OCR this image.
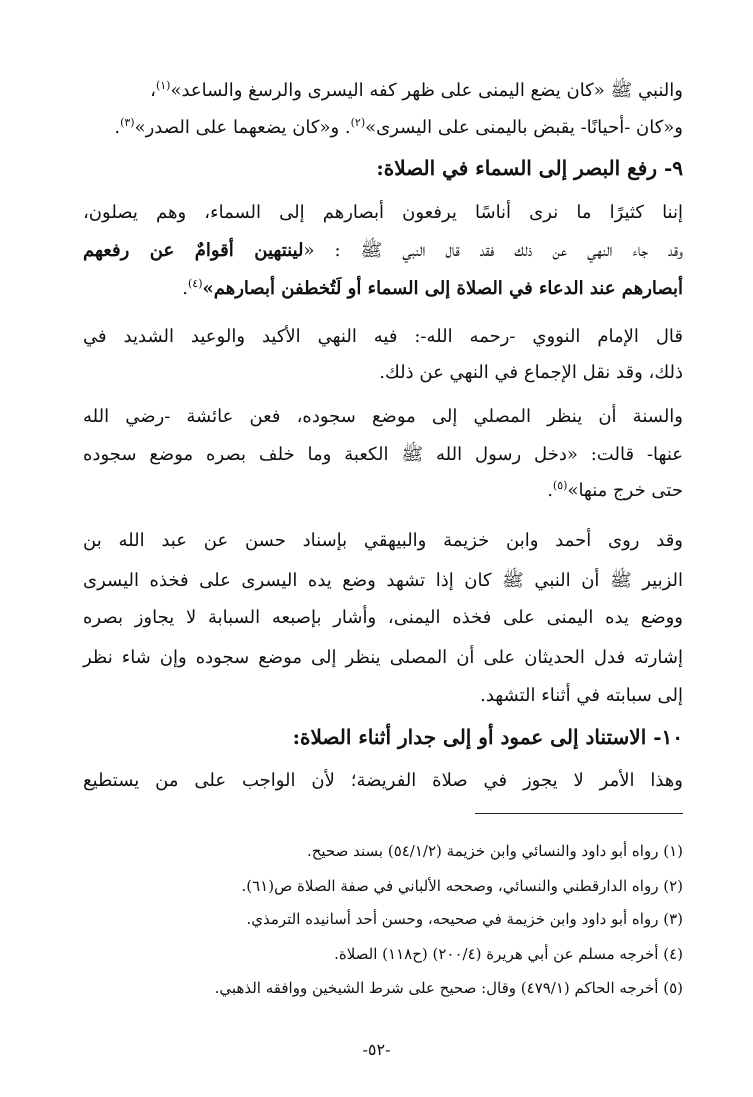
والنبي ﷺ «كان يضع اليمنى على ظهر كفه اليسرى والرسغ والساعد»$^{(١)}$،
و«كان -أحيانًا- يقبض باليمنى على اليسرى»$^{(٢)}$. و«كان يضعهما على الصدر»$^{(٣)}$.
٩- رفع البصر إلى السماء في الصلاة:
إننا كثيرًا ما نرى أناسًا يرفعون أبصارهم إلى السماء، وهم يصلون،
وقد جاء النهي عن ذلك فقد قال النبي ﷺ : «لينتهين أقوامٌ عن رفعهم
أبصارهم عند الدعاء في الصلاة إلى السماء أو لَتُخطفن أبصارهم»$^{(٤)}$.
قال الإمام النووي -رحمه الله-: فيه النهي الأكيد والوعيد الشديد في
ذلك، وقد نقل الإجماع في النهي عن ذلك.
والسنة أن ينظر المصلي إلى موضع سجوده، فعن عائشة -رضي الله
عنها- قالت: «دخل رسول الله ﷺ الكعبة وما خلف بصره موضع سجوده
حتى خرج منها»$^{(٥)}$.
وقد روى أحمد وابن خزيمة والبيهقي بإسناد حسن عن عبد الله بن
الزبير ﷺ أن النبي ﷺ كان إذا تشهد وضع يده اليسرى على فخذه اليسرى
ووضع يده اليمنى على فخذه اليمنى، وأشار بإصبعه السبابة لا يجاوز بصره
إشارته فدل الحديثان على أن المصلى ينظر إلى موضع سجوده وإن شاء نظر
إلى سبابته في أثناء التشهد.
١٠- الاستناد إلى عمود أو إلى جدار أثناء الصلاة:
وهذا الأمر لا يجوز في صلاة الفريضة؛ لأن الواجب على من يستطيع
(١) رواه أبو داود والنسائي وابن خزيمة (٥٤/١/٢) بسند صحيح.
(٢) رواه الدارقطني والنسائي، وصححه الألباني في صفة الصلاة ص(٦١).
(٣) رواه أبو داود وابن خزيمة في صحيحه، وحسن أحد أسانيده الترمذي.
(٤) أخرجه مسلم عن أبي هريرة (٢٠٠/٤) (ح١١٨) الصلاة.
(٥) أخرجه الحاكم (٤٧٩/١) وقال: صحيح على شرط الشيخين ووافقه الذهبي.
-٥٢-
